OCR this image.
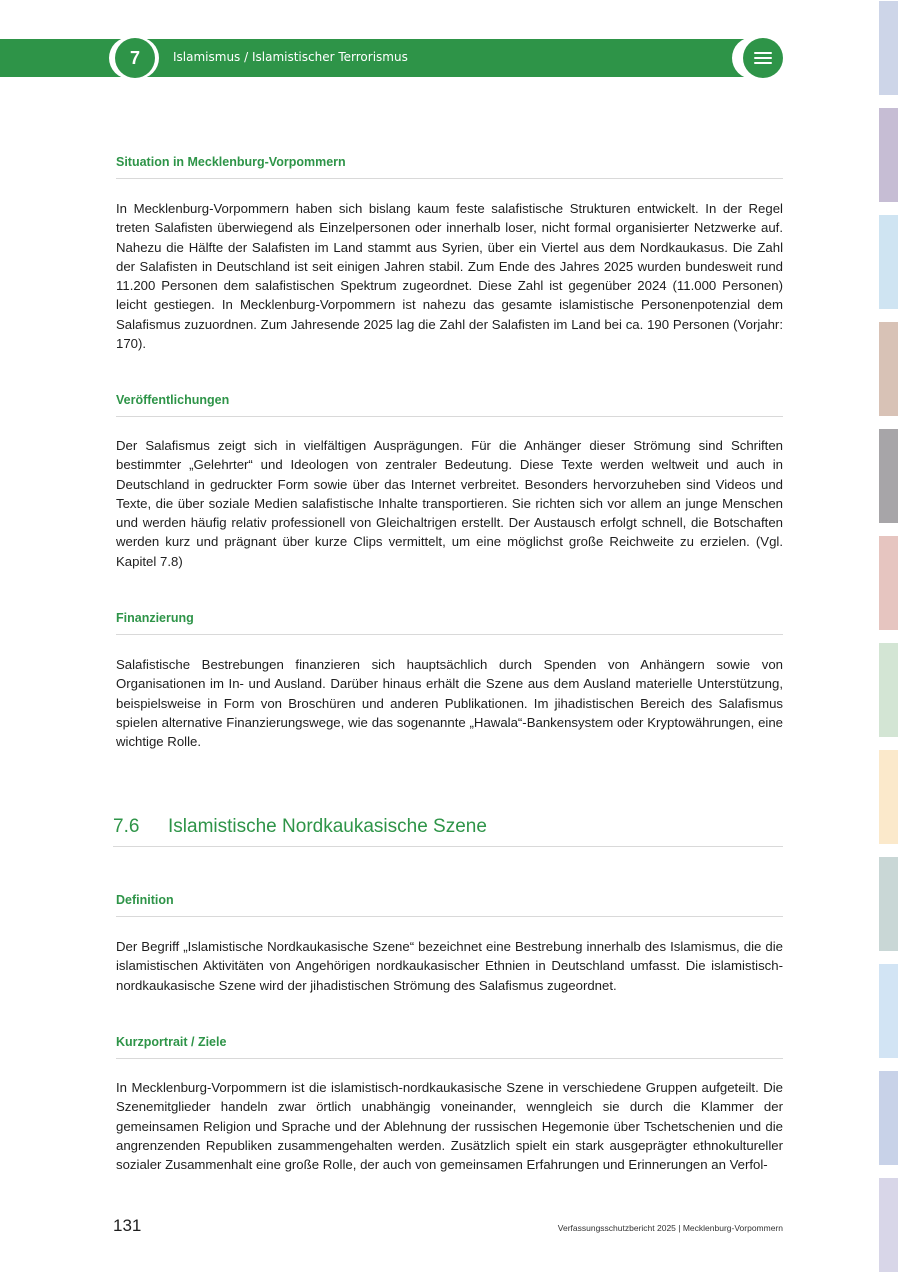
7	Islamismus / Islamistischer Terrorismus
Situation in Mecklenburg-Vorpommern

In Mecklenburg-Vorpommern haben sich bislang kaum feste salafistische Strukturen entwickelt. In der Regel treten Salafisten überwiegend als Einzelpersonen oder innerhalb loser, nicht formal organisierter Netzwerke auf. Nahezu die Hälfte der Salafisten im Land stammt aus Syrien, über ein Viertel aus dem Nordkaukasus. Die Zahl der Salafisten in Deutschland ist seit einigen Jahren stabil. Zum Ende des Jahres 2025 wurden bundesweit rund 11.200 Personen dem salafistischen Spektrum zugeordnet. Diese Zahl ist gegenüber 2024 (11.000 Personen) leicht gestiegen. In Mecklenburg-Vorpommern ist nahezu das gesamte islamistische Personenpotenzial dem Salafismus zuzuordnen. Zum Jahresende 2025 lag die Zahl der Salafisten im Land bei ca. 190 Personen (Vorjahr: 170).

Veröffentlichungen

Der Salafismus zeigt sich in vielfältigen Ausprägungen. Für die Anhänger dieser Strömung sind Schriften bestimmter „Gelehrter“ und Ideologen von zentraler Bedeutung. Diese Texte werden weltweit und auch in Deutschland in gedruckter Form sowie über das Internet verbreitet. Besonders hervorzuheben sind Videos und Texte, die über soziale Medien salafistische Inhalte transportieren. Sie richten sich vor allem an junge Menschen und werden häufig relativ professionell von Gleichaltrigen erstellt. Der Austausch erfolgt schnell, die Botschaften werden kurz und prägnant über kurze Clips vermittelt, um eine möglichst große Reichweite zu erzielen. (Vgl. Kapitel 7.8)

Finanzierung

Salafistische Bestrebungen finanzieren sich hauptsächlich durch Spenden von Anhängern sowie von Organisationen im In- und Ausland. Darüber hinaus erhält die Szene aus dem Ausland materielle Unterstützung, beispielsweise in Form von Broschüren und anderen Publikationen. Im jihadistischen Bereich des Salafismus spielen alternative Finanzierungswege, wie das sogenannte „Hawala“-Bankensystem oder Kryptowährungen, eine wichtige Rolle.

7.6 Islamistische Nordkaukasische Szene
Definition

Der Begriff „Islamistische Nordkaukasische Szene“ bezeichnet eine Bestrebung innerhalb des Islamismus, die die islamistischen Aktivitäten von Angehörigen nordkaukasischer Ethnien in Deutschland umfasst. Die islamistisch-nordkaukasische Szene wird der jihadistischen Strömung des Salafismus zugeordnet.

Kurzportrait / Ziele

In Mecklenburg-Vorpommern ist die islamistisch-nordkaukasische Szene in verschiedene Gruppen aufgeteilt. Die Szenemitglieder handeln zwar örtlich unabhängig voneinander, wenngleich sie durch die Klammer der gemeinsamen Religion und Sprache und der Ablehnung der russischen Hegemonie über Tschetschenien und die angrenzenden Republiken zusammengehalten werden. Zusätzlich spielt ein stark ausgeprägter ethnokultureller sozialer Zusammenhalt eine große Rolle, der auch von gemeinsamen Erfahrungen und Erinnerungen an Verfol-

131	Verfassungsschutzbericht 2025 | Mecklenburg-Vorpommern
